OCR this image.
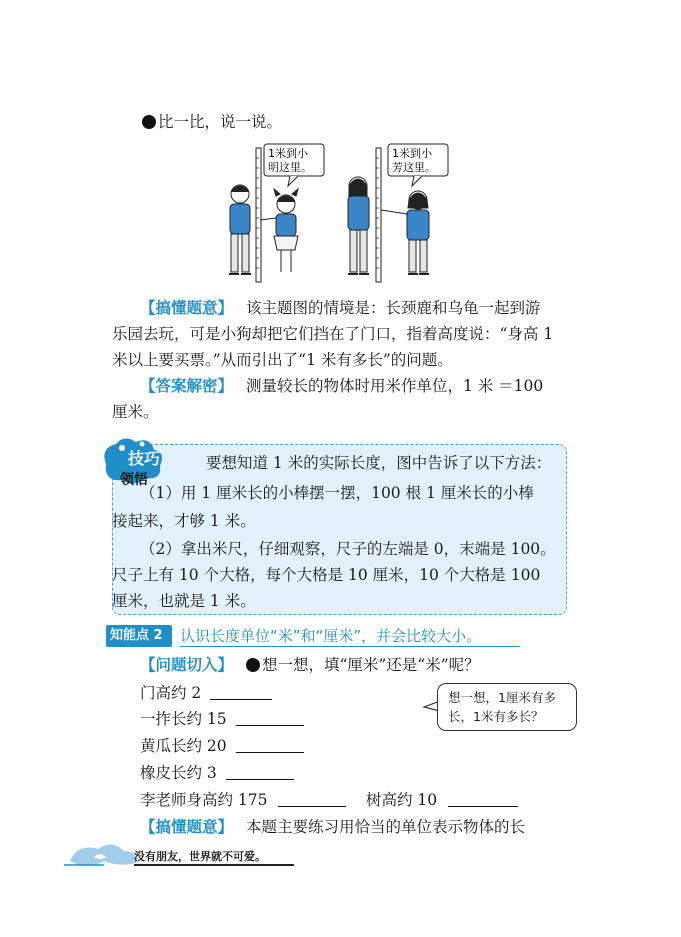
比一比，说一说。
1米到小
明这里。
1米到小
芳这里。
【搞懂题意】 该主题图的情境是：长颈鹿和乌龟一起到游
乐园去玩，可是小狗却把它们挡在了门口，指着高度说：“身高 1
米以上要买票。”从而引出了“1 米有多长”的问题。
【答案解密】 测量较长的物体时用米作单位，1 米 ＝100
厘米。
技巧
领悟
要想知道 1 米的实际长度，图中告诉了以下方法：
（1）用 1 厘米长的小棒摆一摆，100 根 1 厘米长的小棒
接起来，才够 1 米。
（2）拿出米尺，仔细观察，尺子的左端是 0，末端是 100。
尺子上有 10 个大格，每个大格是 10 厘米，10 个大格是 100
厘米，也就是 1 米。
知能点 2	认识长度单位“米”和“厘米”，并会比较大小。
【问题切入】 想一想，填“厘米”还是“米”呢？
门高约 2
一拃长约 15
黄瓜长约 20
橡皮长约 3
李老师身高约 175	树高约 10
想一想，1厘米有多
长，1米有多长？
【搞懂题意】 本题主要练习用恰当的单位表示物体的长
没有朋友，世界就不可爱。
